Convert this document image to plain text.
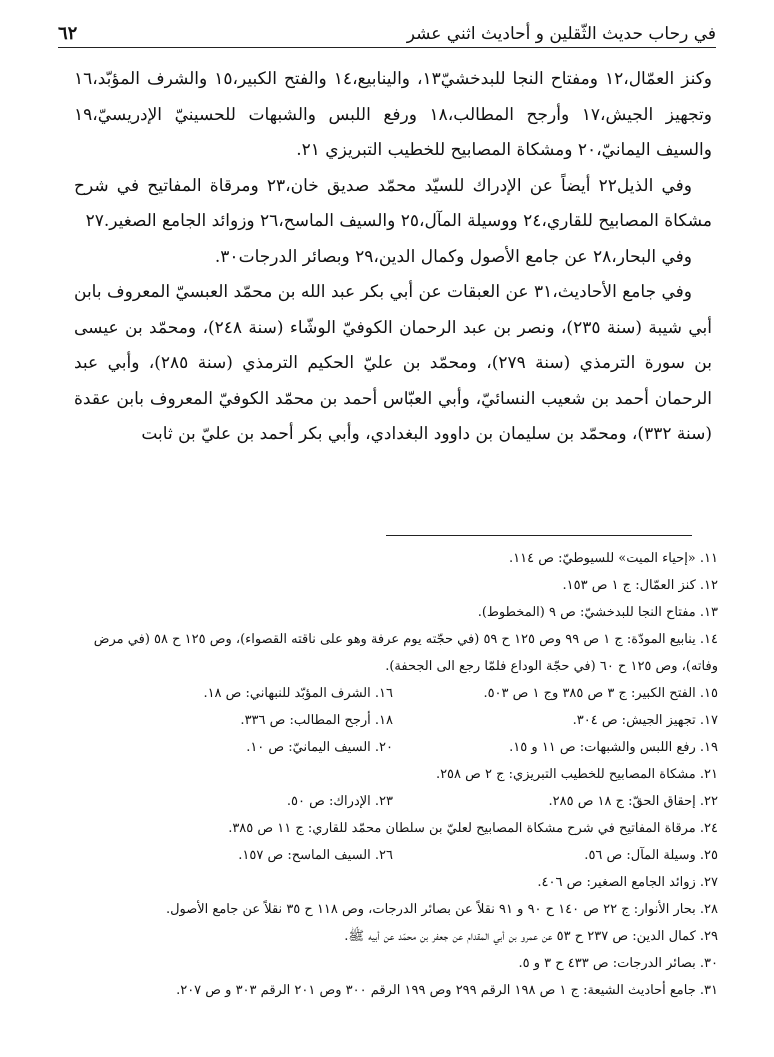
في رحاب حديث الثّقلين و أحاديث اثني عشر
٦٢

وكنز العمّال،١٢ ومفتاح النجا للبدخشيّ١٣، والينابيع،١٤ والفتح الكبير،١٥ والشرف المؤبّد،١٦ وتجهيز الجيش،١٧ وأرجح المطالب،١٨ ورفع اللبس والشبهات للحسينيّ الإدريسيّ،١٩ والسيف اليمانيّ،٢٠ ومشكاة المصابيح للخطيب التبريزي ٢١.

وفي الذيل٢٢ أيضاً عن الإدراك للسيّد محمّد صديق خان،٢٣ ومرقاة المفاتيح في شرح مشكاة المصابيح للقاري،٢٤ ووسيلة المآل،٢٥ والسيف الماسح،٢٦ وزوائد الجامع الصغير.٢٧

وفي البحار،٢٨ عن جامع الأصول وكمال الدين،٢٩ وبصائر الدرجات٣٠.

وفي جامع الأحاديث،٣١ عن العبقات عن أبي بكر عبد الله بن محمّد العبسيّ المعروف بابن أبي شيبة (سنة ٢٣٥)، ونصر بن عبد الرحمان الكوفيّ الوشّاء (سنة ٢٤٨)، ومحمّد بن عيسى بن سورة الترمذي (سنة ٢٧٩)، ومحمّد بن عليّ الحكيم الترمذي (سنة ٢٨٥)، وأبي عبد الرحمان أحمد بن شعيب النسائيّ، وأبي العبّاس أحمد بن محمّد الكوفيّ المعروف بابن عقدة (سنة ٣٣٢)، ومحمّد بن سليمان بن داوود البغدادي، وأبي بكر أحمد بن عليّ بن ثابت

١١. «إحياء الميت» للسيوطيّ: ص ١١٤.

١٢. كنز العمّال: ج ١ ص ١٥٣.

١٣. مفتاح النجا للبدخشيّ: ص ٩ (المخطوط).

١٤. ينابيع المودّة: ج ١ ص ٩٩ وص ١٢٥ ح ٥٩ (في حجّته يوم عرفة وهو على ناقته القصواء)، وص ١٢٥ ح ٥٨ (في مرض وفاته)، وص ١٢٥ ح ٦٠ (في حجّة الوداع فلمّا رجع الى الجحفة).

١٥. الفتح الكبير: ج ٣ ص ٣٨٥ وج ١ ص ٥٠٣.

١٦. الشرف المؤبّد للنبهاني: ص ١٨.

١٧. تجهيز الجيش: ص ٣٠٤.

١٨. أرجح المطالب: ص ٣٣٦.

١٩. رفع اللبس والشبهات: ص ١١ و ١٥.

٢٠. السيف اليمانيّ: ص ١٠.

٢١. مشكاة المصابيح للخطيب التبريزي: ج ٢ ص ٢٥٨.

٢٢. إحقاق الحقّ: ج ١٨ ص ٢٨٥.

٢٣. الإدراك: ص ٥٠.

٢٤. مرقاة المفاتيح في شرح مشكاة المصابيح لعليّ بن سلطان محمّد للقاري: ج ١١ ص ٣٨٥.

٢٥. وسيلة المآل: ص ٥٦.

٢٦. السيف الماسح: ص ١٥٧.

٢٧. زوائد الجامع الصغير: ص ٤٠٦.

٢٨. بحار الأنوار: ج ٢٢ ص ١٤٠ ح ٩٠ و ٩١ نقلاً عن بصائر الدرجات، وص ١١٨ ح ٣٥ نقلاً عن جامع الأصول.

٢٩. كمال الدين: ص ٢٣٧ ح ٥٣ عن عمرو بن أبي المقدام عن جعفر بن محمّد عن أبيه ﷺ.

٣٠. بصائر الدرجات: ص ٤٣٣ ح ٣ و ٥.

٣١. جامع أحاديث الشيعة: ج ١ ص ١٩٨ الرقم ٢٩٩ وص ١٩٩ الرقم ٣٠٠ وص ٢٠١ الرقم ٣٠٣ و ص ٢٠٧.
